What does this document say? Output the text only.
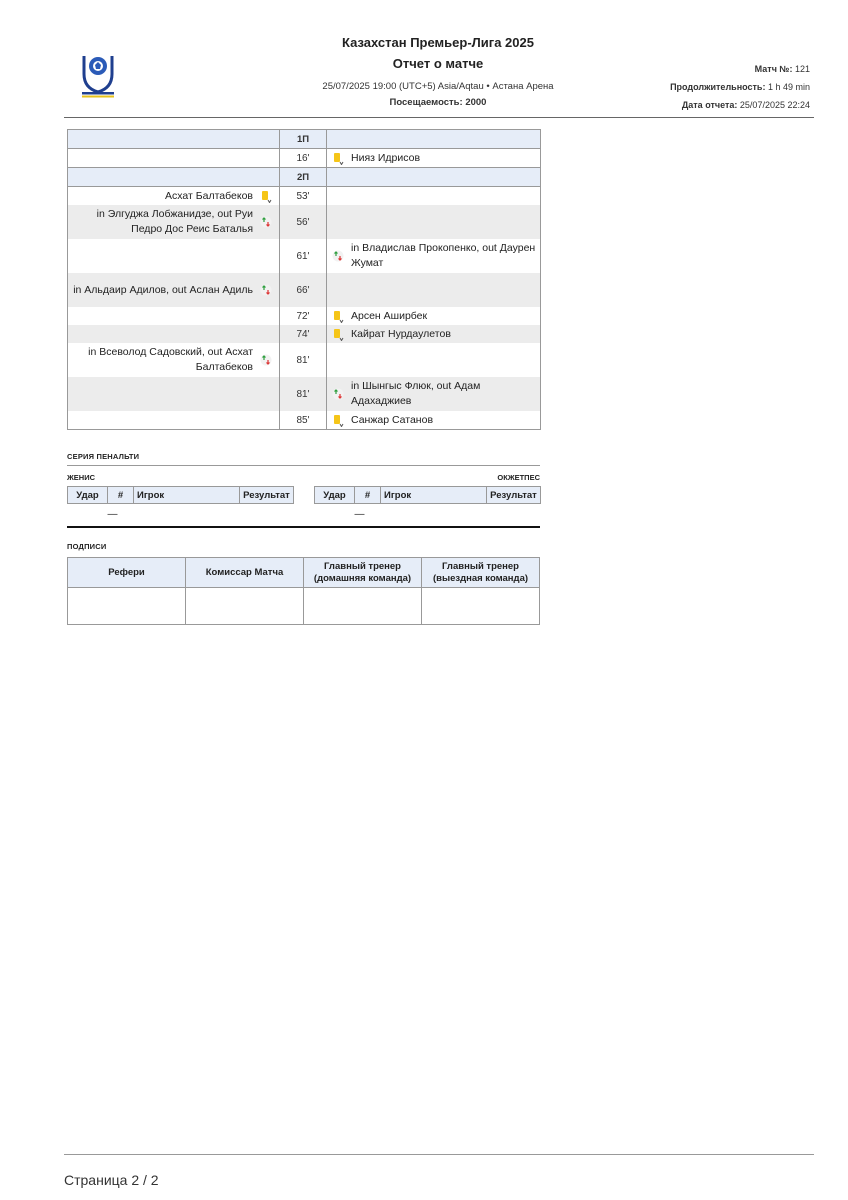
Казахстан Премьер-Лига 2025
Отчет о матче
25/07/2025 19:00 (UTC+5) Asia/Aqtau • Астана Арена
Посещаемость: 2000
Матч №: 121
Продолжительность: 1 h 49 min
Дата отчета: 25/07/2025 22:24
	1П	
	16'	Нияз Идрисов

	2П	

Асхат Балтабеков	53'	

in Элгуджа Лобжанидзе, out Руи Педро Дос Реис Баталья	56'	
	61'	in Владислав Прокопенко, out Даурен Жумат

in Альдаир Адилов, out Аслан Адиль	66'	
	72'	Арсен Аширбек

	74'	Кайрат Нурдаулетов

in Всеволод Садовский, out Асхат Балтабеков	81'	
	81'	in Шынгыс Флюк, out Адам Адахаджиев

	85'	Санжар Сатанов
СЕРИЯ ПЕНАЛЬТИ
ЖЕНИС	ОКЖЕТПЕС
Удар	#	Игрок	Результат
	—		
Удар	#	Игрок	Результат
	—		
ПОДПИСИ
Рефери	Комиссар Матча	Главный тренер (домашняя команда)	Главный тренер (выездная команда)

Страница 2 / 2
